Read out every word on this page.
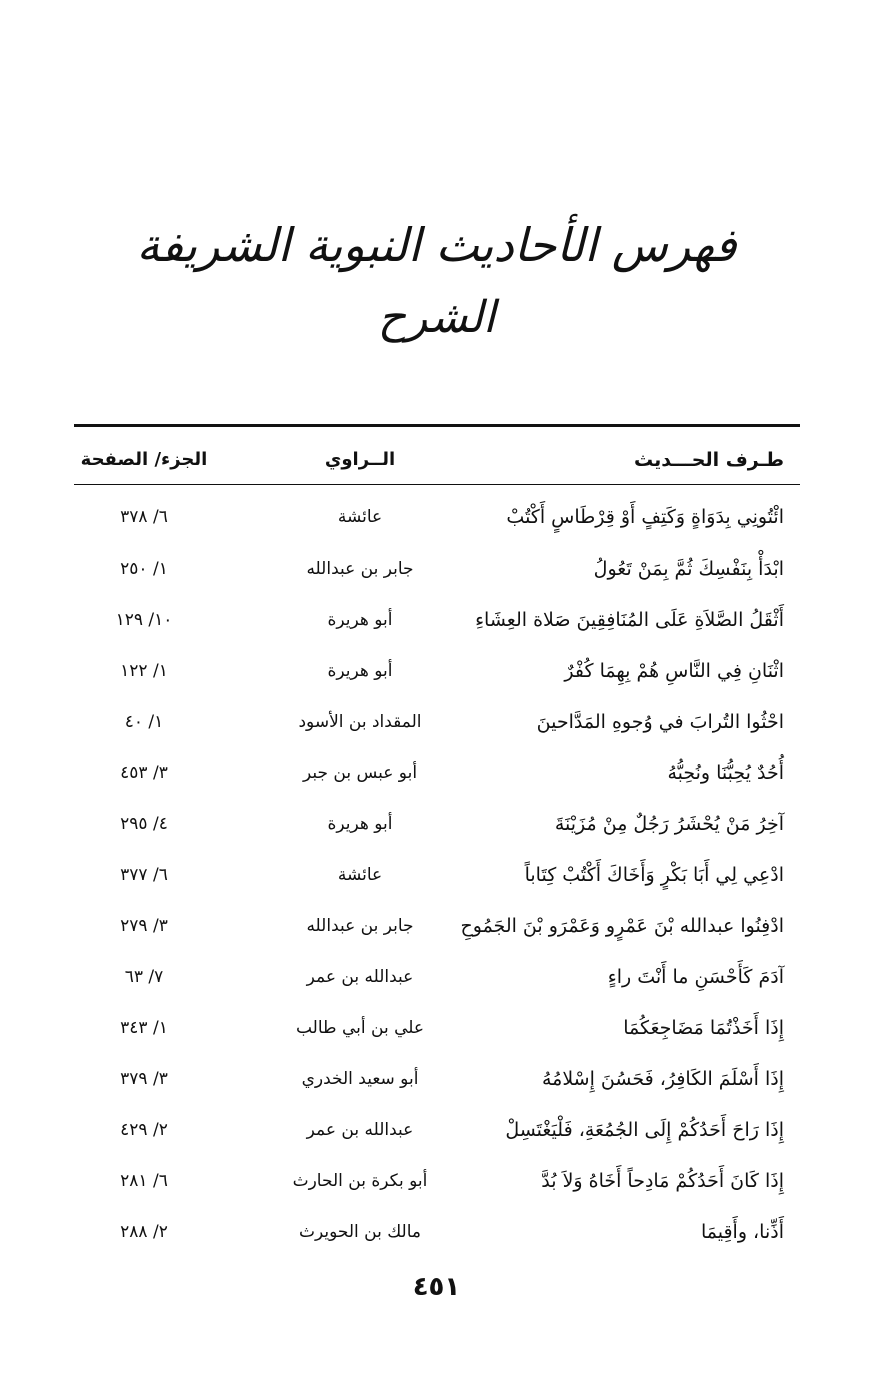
فهرس الأحاديث النبوية الشريفة
الشرح
طـرف الحـــديث
الــراوي
الجزء/ الصفحة
ائْتُونِي بِدَوَاةٍ وَكَتِفٍ أَوْ قِرْطَاسٍ أَكْتُبْ
عائشة
٦/ ٣٧٨
ابْدَأْ بِنَفْسِكَ ثُمَّ بِمَنْ تَعُولُ
جابر بن عبدالله
١/ ٢٥٠
أَثْقَلُ الصَّلاَةِ عَلَى المُنَافِقِينَ صَلاة العِشَاءِ
أبو هريرة
١٠/ ١٢٩
اثْنَانِ فِي النَّاسِ هُمْ بِهِمَا كُفْرٌ
أبو هريرة
١/ ١٢٢
احْثُوا التُرابَ في وُجوهِ المَدَّاحينَ
المقداد بن الأسود
١/ ٤٠
أُحُدٌ يُحِبُّنَا ونُحِبُّهُ
أبو عبس بن جبر
٣/ ٤٥٣
آخِرُ مَنْ يُحْشَرُ رَجُلٌ مِنْ مُزَيْنَةَ
أبو هريرة
٤/ ٢٩٥
ادْعِي لِي أَبَا بَكْرٍ وَأَخَاكَ أَكْتُبْ كِتَاباً
عائشة
٦/ ٣٧٧
ادْفِنُوا عبدالله بْنَ عَمْرٍو وَعَمْرَو بْنَ الجَمُوحِ
جابر بن عبدالله
٣/ ٢٧٩
آدَمَ كَأَحْسَنِ ما أَنْتَ راءٍ
عبدالله بن عمر
٧/ ٦٣
إِذَا أَخَذْتُمَا مَضَاجِعَكُمَا
علي بن أبي طالب
١/ ٣٤٣
إِذَا أَسْلَمَ الكَافِرُ، فَحَسُنَ إِسْلامُهُ
أبو سعيد الخدري
٣/ ٣٧٩
إِذَا رَاحَ أَحَدُكُمْ إِلَى الجُمُعَةِ، فَلْيَغْتَسِلْ
عبدالله بن عمر
٢/ ٤٢٩
إِذَا كَانَ أَحَدُكُمْ مَادِحاً أَخَاهُ وَلاَ بُدَّ
أبو بكرة بن الحارث
٦/ ٢٨١
أَذِّنا، وأَقِيمَا
مالك بن الحويرث
٢/ ٢٨٨
٤٥١
